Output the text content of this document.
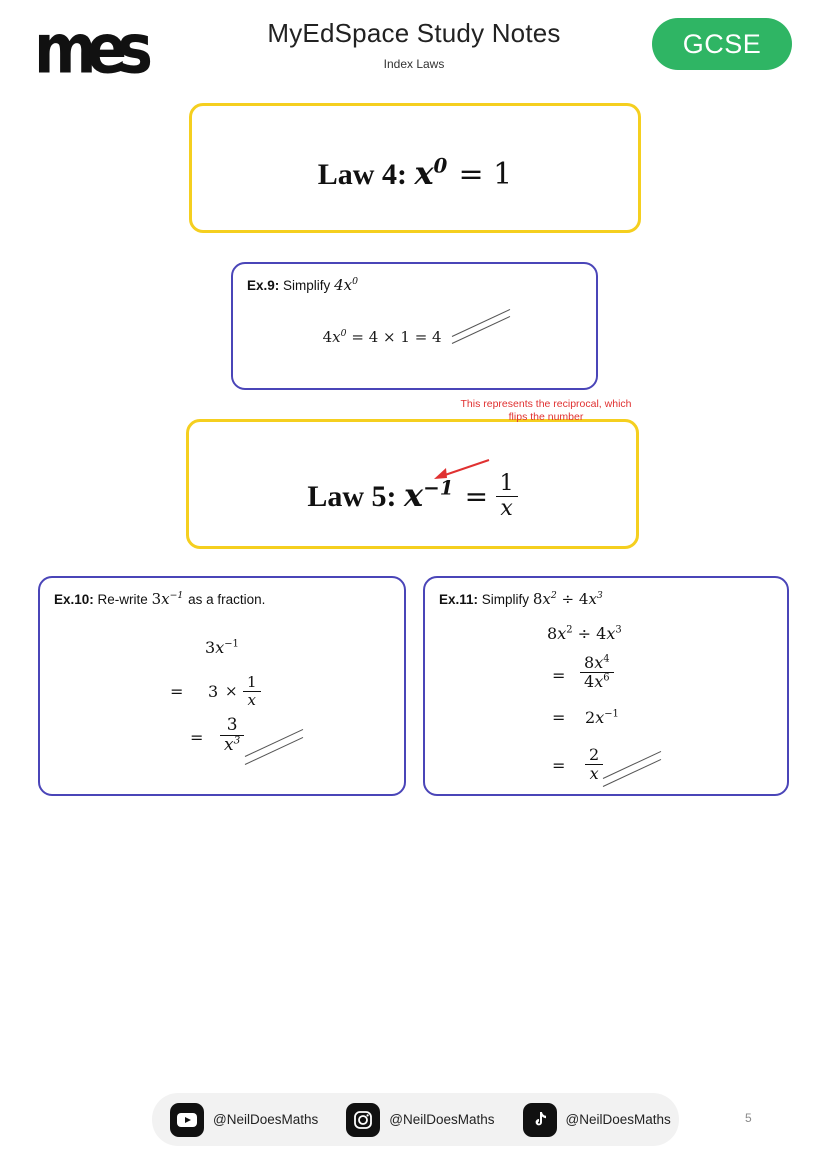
mes	MyEdSpace Study Notes
Index Laws
GCSE
Law 4: $x^0 = 1$
Ex.9: Simplify $4x^0$
$4x^0 = 4 \times 1 = 4$
This represents the reciprocal, which flips the number
Law 5: $x^{-1} = \frac{1}{x}$
Ex.10: Re-write $3x^{-1}$ as a fraction.
$3x^{-1}$
= $3 \times \frac{1}{x}$
= $\frac{3}{x^3}$
Ex.11: Simplify $8x^2 \div 4x^3$
$8x^2 \div 4x^3$
= $\frac{8x^4}{4x^6}$
= $2x^{-1}$
= $\frac{2}{x}$
@NeilDoesMaths	@NeilDoesMaths	@NeilDoesMaths	5
